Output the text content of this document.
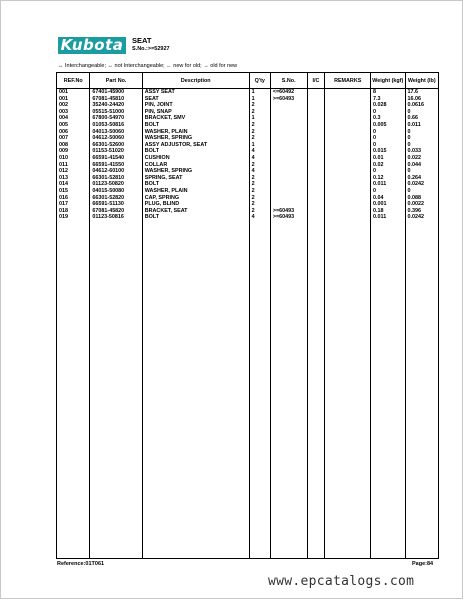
Kubota	SEAT
S.No.:>=52927
↔ Interchangeable; ↔ not Interchangeable; ← new for old; → old for new
REF.No	Part No.	Description	Q'ty	S.No.	I/C	REMARKS	Weight (kgf)	Weight (lb)
001	67401-45900	ASSY SEAT	1	<=60492			8	17.6
001	67081-45810	SEAT	1	>=60493			7.3	16.06
002	35240-24420	PIN, JOINT	2				0.028	0.0616
003	05515-51000	PIN, SNAP	2				0	0
004	67800-54970	BRACKET, SMV	1				0.3	0.66
005	01053-50816	BOLT	2				0.005	0.011
006	04013-50060	WASHER, PLAIN	2				0	0
007	04612-50060	WASHER, SPRING	2				0	0
008	66301-52600	ASSY ADJUSTOR, SEAT	1				0	0
009	01153-51020	BOLT	4				0.015	0.033
010	66591-41540	CUSHION	4				0.01	0.022
011	66591-41550	COLLAR	2				0.02	0.044
012	04612-60100	WASHER, SPRING	4				0	0
013	66301-52810	SPRING, SEAT	2				0.12	0.264
014	01123-50820	BOLT	2				0.011	0.0242
015	04015-50080	WASHER, PLAIN	2				0	0
016	66301-52820	CAP, SPRING	2				0.04	0.088
017	66591-51130	PLUG, BLIND	2				0.001	0.0022
018	67081-45820	BRACKET, SEAT	2	>=60493			0.18	0.396
019	01123-50816	BOLT	4	>=60493			0.011	0.0242

Reference:01T061	Page:84
www.epcatalogs.com
